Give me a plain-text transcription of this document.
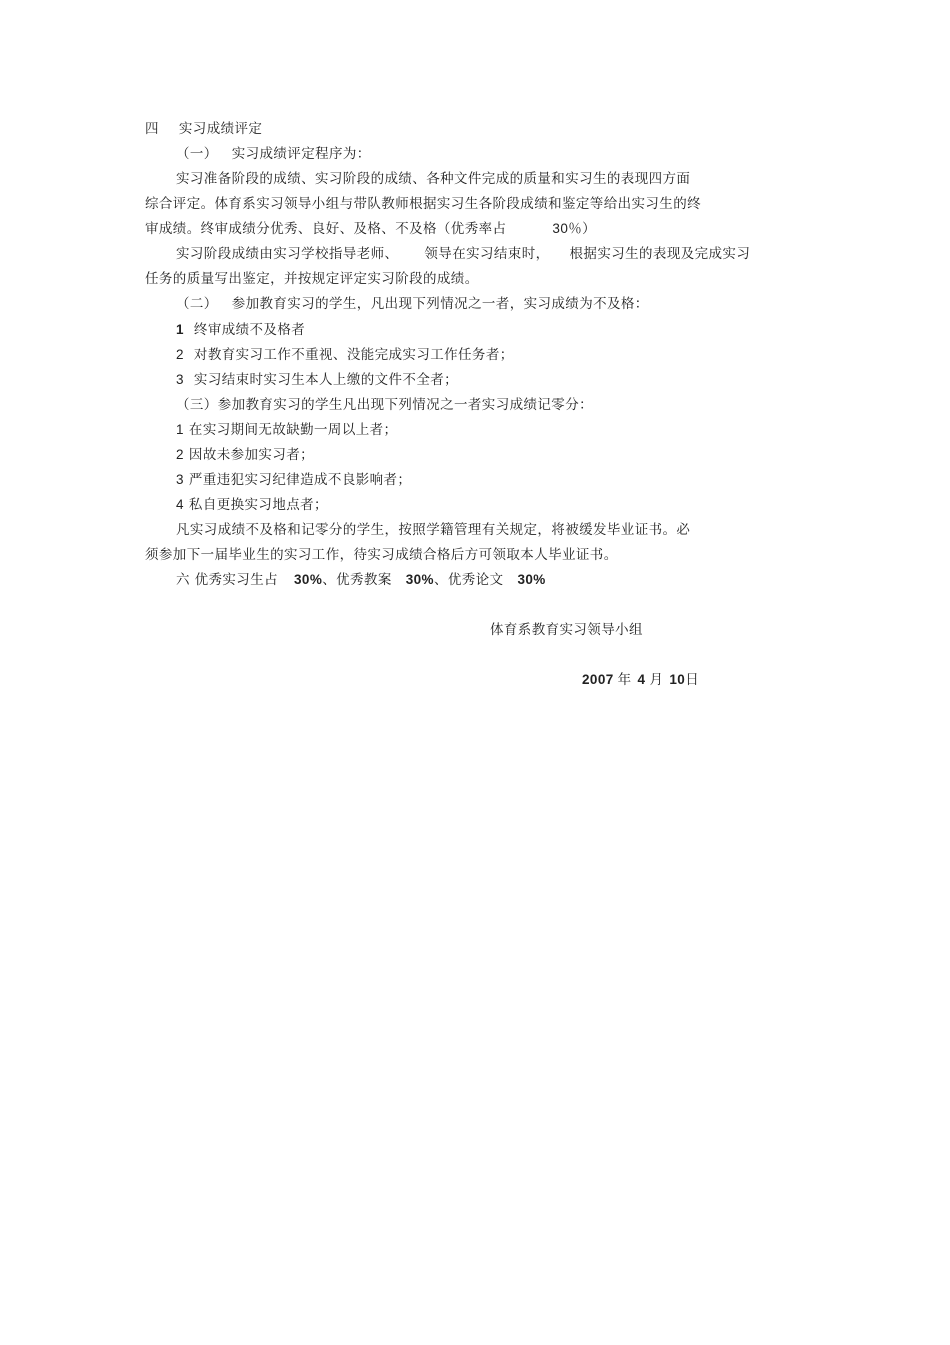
四 实习成绩评定
（一） 实习成绩评定程序为：
实习准备阶段的成绩、实习阶段的成绩、各种文件完成的质量和实习生的表现四方面
综合评定。体育系实习领导小组与带队教师根据实习生各阶段成绩和鉴定等给出实习生的终
审成绩。终审成绩分优秀、良好、及格、不及格（优秀率占	30％）
实习阶段成绩由实习学校指导老师、 领导在实习结束时， 根据实习生的表现及完成实习
任务的质量写出鉴定，并按规定评定实习阶段的成绩。
（二） 参加教育实习的学生，凡出现下列情况之一者，实习成绩为不及格：
1 终审成绩不及格者
2 对教育实习工作不重视、没能完成实习工作任务者；
3 实习结束时实习生本人上缴的文件不全者；
（三）参加教育实习的学生凡出现下列情况之一者实习成绩记零分：
1 在实习期间无故缺勤一周以上者；
2 因故未参加实习者；
3 严重违犯实习纪律造成不良影响者；
4 私自更换实习地点者；
凡实习成绩不及格和记零分的学生，按照学籍管理有关规定，将被缓发毕业证书。必
须参加下一届毕业生的实习工作，待实习成绩合格后方可领取本人毕业证书。
六 优秀实习生占 30%、优秀教案 30%、优秀论文 30%
体育系教育实习领导小组
2007 年 4 月 10日
